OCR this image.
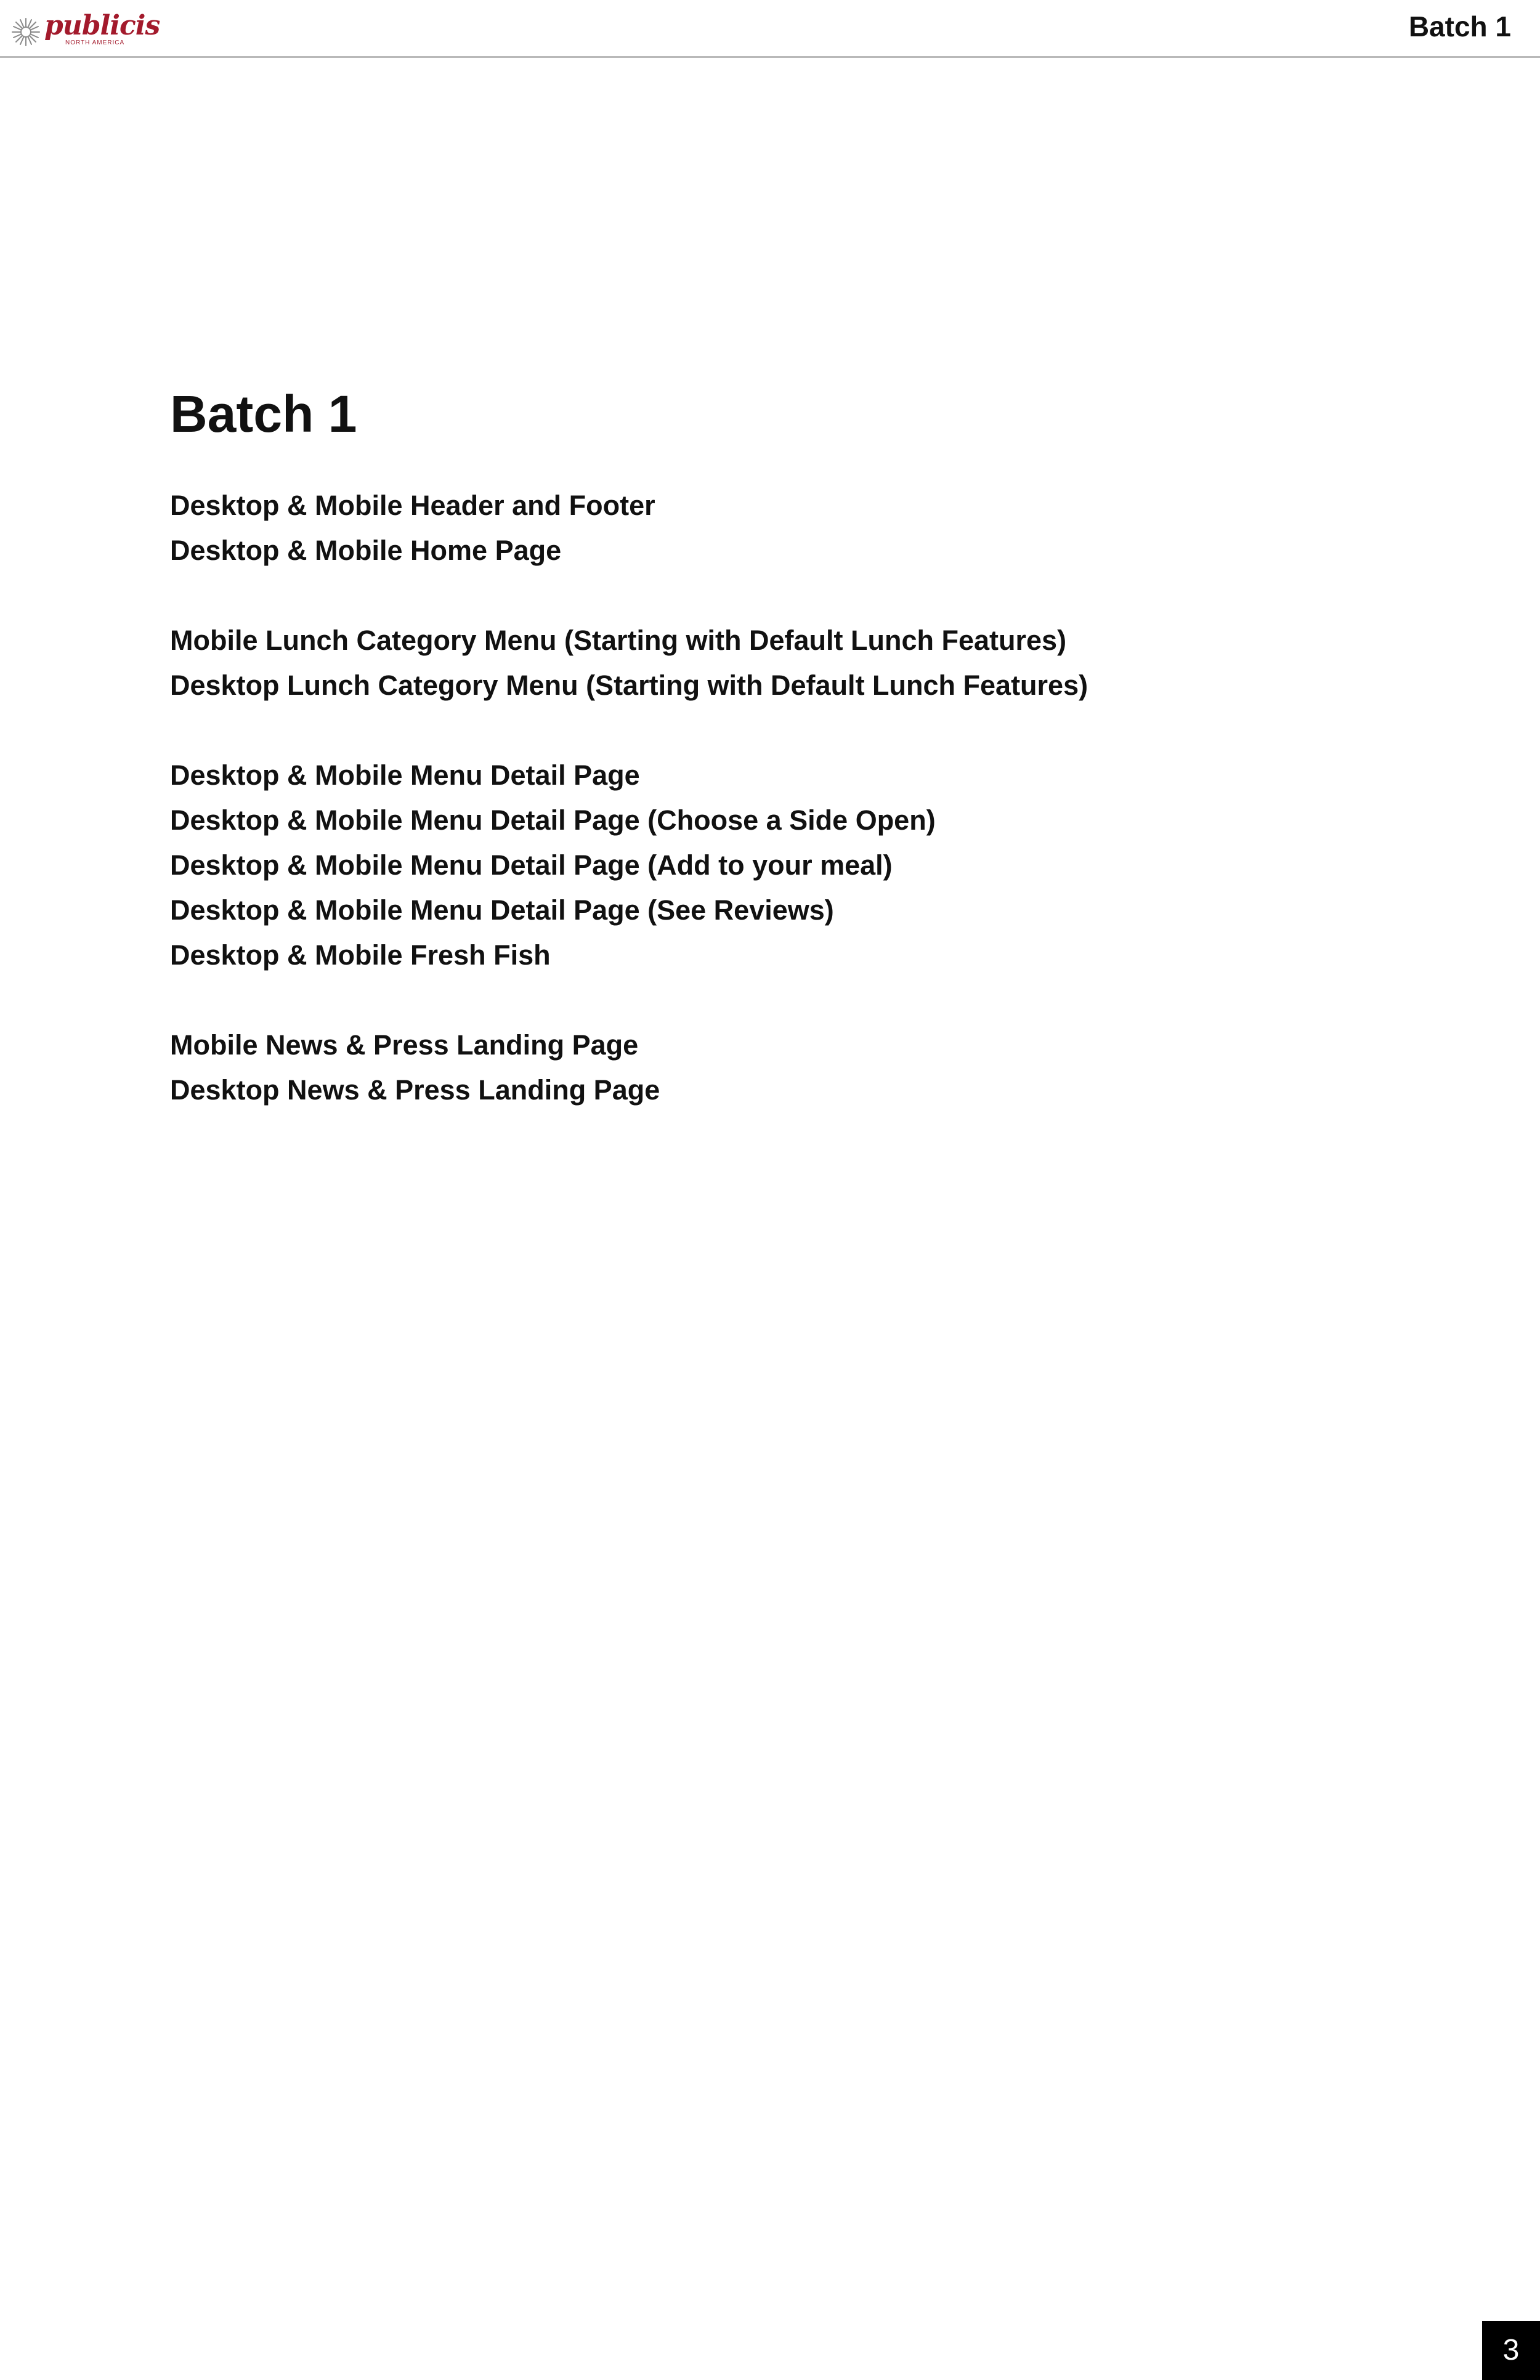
publicis
NORTH AMERICA
Batch 1
Batch 1
Desktop & Mobile Header and Footer
Desktop & Mobile Home Page
Mobile Lunch Category Menu (Starting with Default Lunch Features)
Desktop Lunch Category Menu (Starting with Default Lunch Features)
Desktop & Mobile Menu Detail Page
Desktop & Mobile Menu Detail Page (Choose a Side Open)
Desktop & Mobile Menu Detail Page (Add to your meal)
Desktop & Mobile Menu Detail Page (See Reviews)
Desktop & Mobile Fresh Fish
Mobile News & Press Landing Page
Desktop News & Press Landing Page
3
